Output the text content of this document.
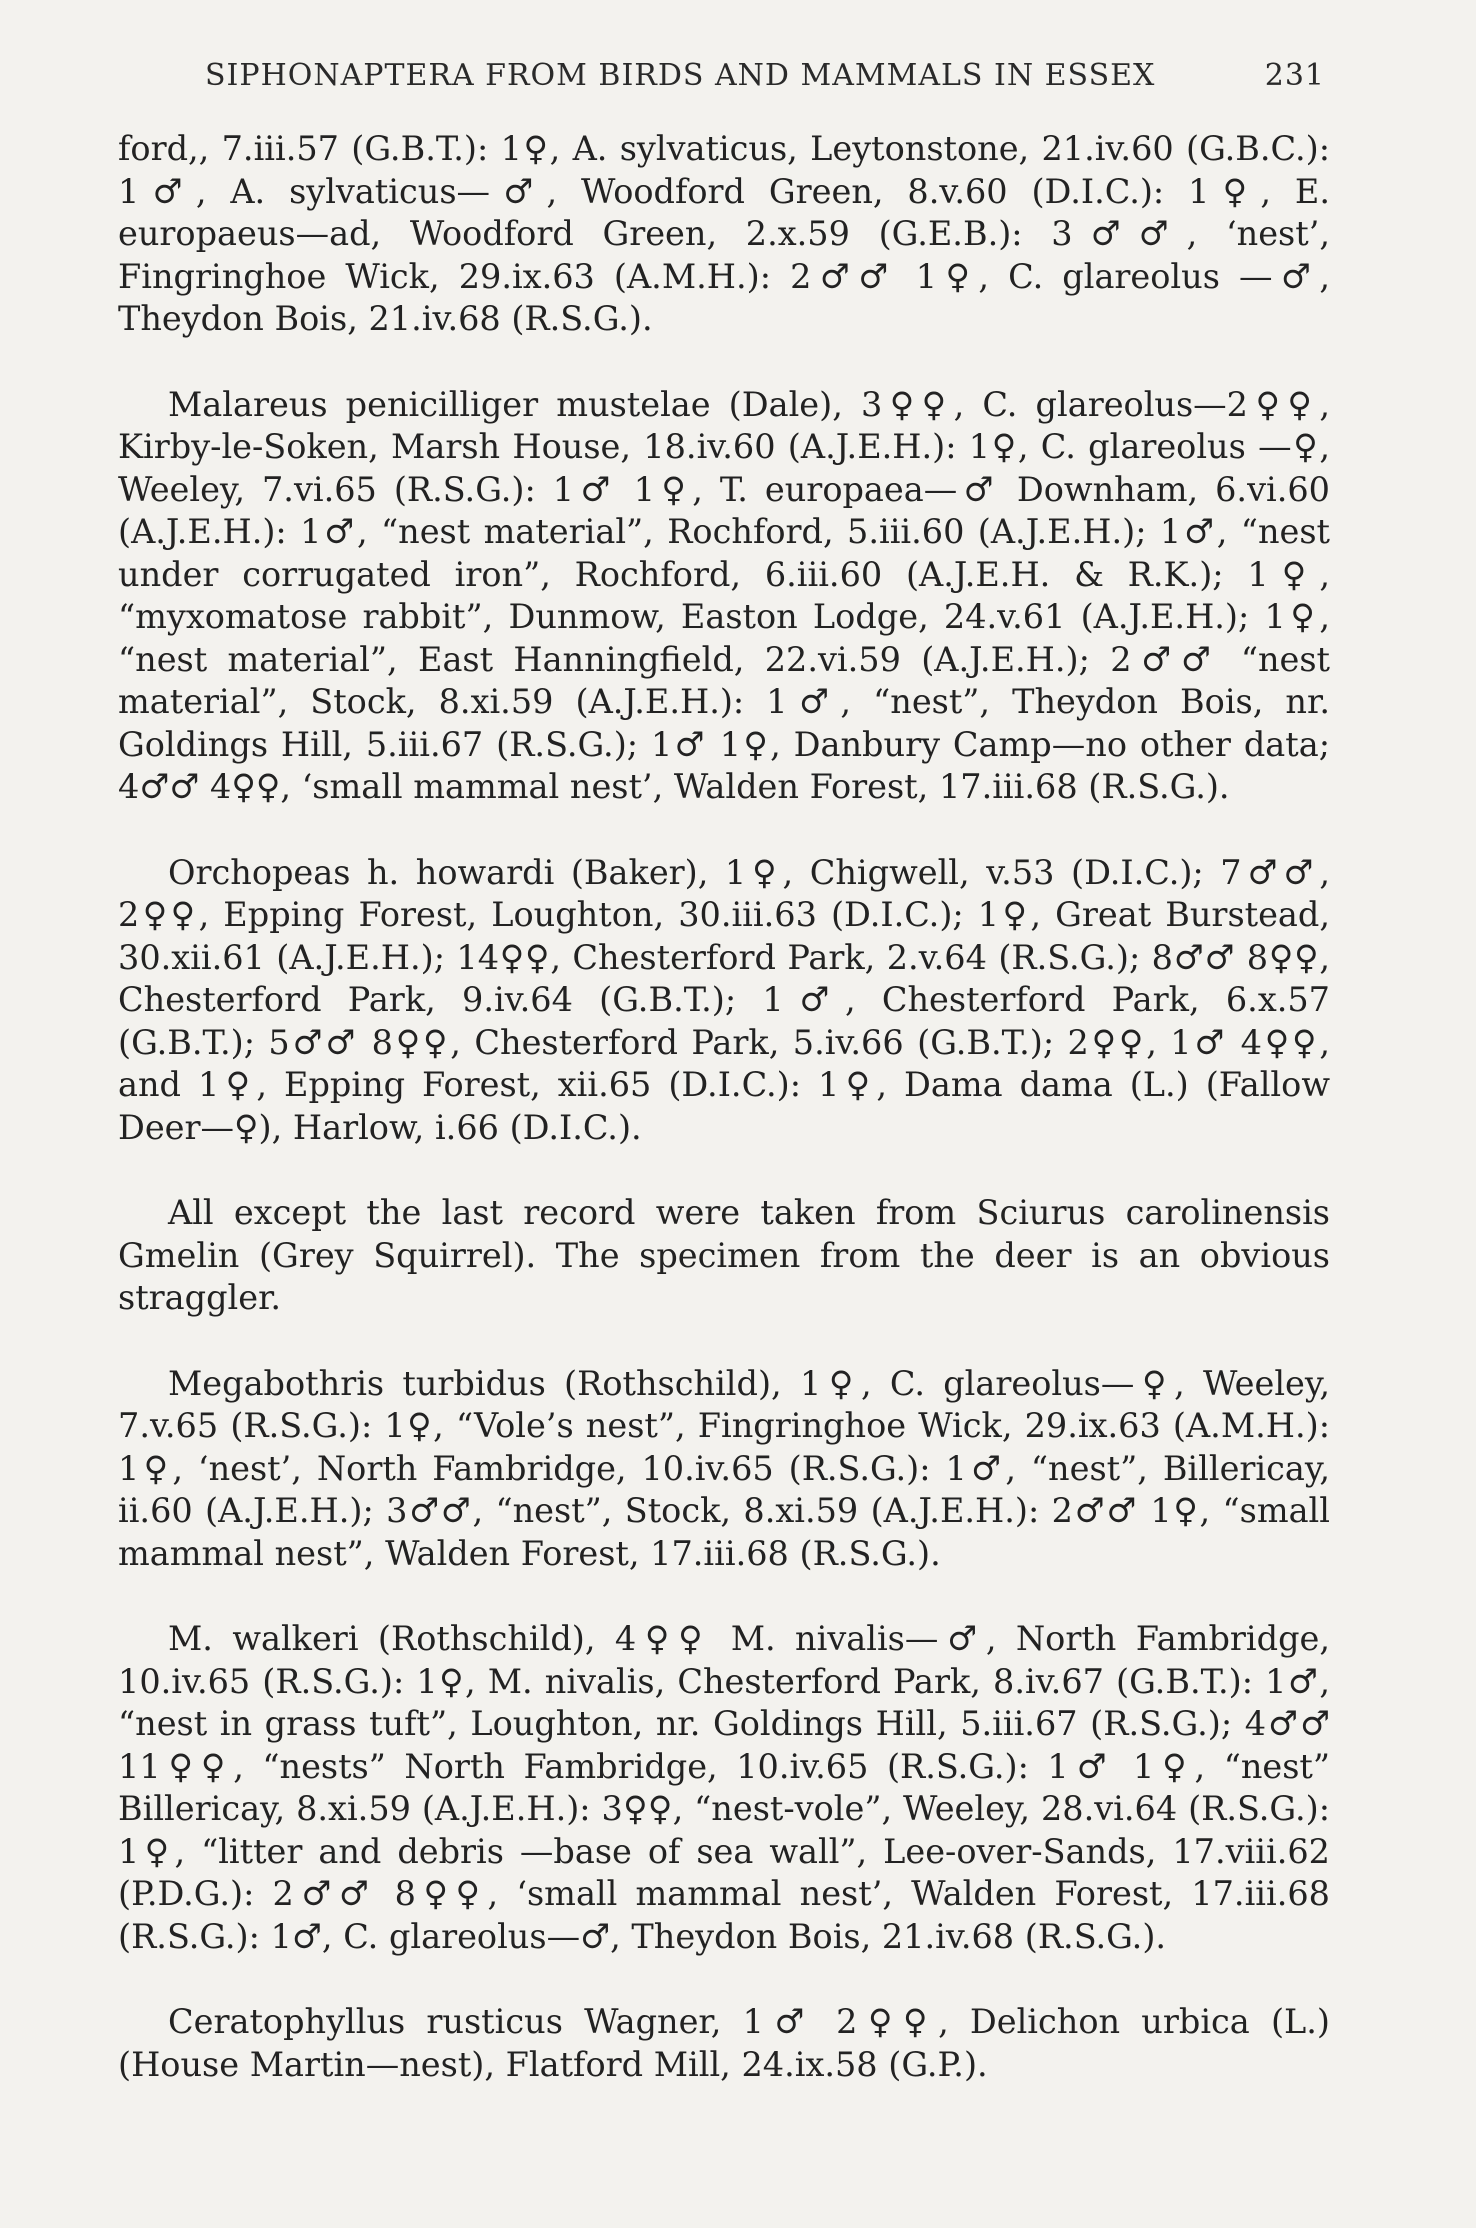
SIPHONAPTERA FROM BIRDS AND MAMMALS IN ESSEX	231

ford,, 7.iii.57 (G.B.T.): 1♀, A. sylvaticus, Leytonstone, 21.iv.60 (G.B.C.): 1♂, A. sylvaticus—♂, Woodford Green, 8.v.60 (D.I.C.): 1♀, E. europaeus—ad, Woodford Green, 2.x.59 (G.E.B.): 3♂♂, ‘nest’, Fingringhoe Wick, 29.ix.63 (A.M.H.): 2♂♂ 1♀, C. glareolus —♂, Theydon Bois, 21.iv.68 (R.S.G.).

Malareus penicilliger mustelae (Dale), 3♀♀, C. glareolus—2♀♀, Kirby-le-Soken, Marsh House, 18.iv.60 (A.J.E.H.): 1♀, C. glareolus —♀, Weeley, 7.vi.65 (R.S.G.): 1♂ 1♀, T. europaea—♂ Downham, 6.vi.60 (A.J.E.H.): 1♂, “nest material”, Rochford, 5.iii.60 (A.J.E.H.); 1♂, “nest under corrugated iron”, Rochford, 6.iii.60 (A.J.E.H. & R.K.); 1♀, “myxomatose rabbit”, Dunmow, Easton Lodge, 24.v.61 (A.J.E.H.); 1♀, “nest material”, East Hanningfield, 22.vi.59 (A.J.E.H.); 2♂♂ “nest material”, Stock, 8.xi.59 (A.J.E.H.): 1♂, “nest”, Theydon Bois, nr. Goldings Hill, 5.iii.67 (R.S.G.); 1♂ 1♀, Danbury Camp—no other data; 4♂♂ 4♀♀, ‘small mammal nest’, Walden Forest, 17.iii.68 (R.S.G.).

Orchopeas h. howardi (Baker), 1♀, Chigwell, v.53 (D.I.C.); 7♂♂, 2♀♀, Epping Forest, Loughton, 30.iii.63 (D.I.C.); 1♀, Great Burstead, 30.xii.61 (A.J.E.H.); 14♀♀, Chesterford Park, 2.v.64 (R.S.G.); 8♂♂ 8♀♀, Chesterford Park, 9.iv.64 (G.B.T.); 1♂, Chesterford Park, 6.x.57 (G.B.T.); 5♂♂ 8♀♀, Chesterford Park, 5.iv.66 (G.B.T.); 2♀♀, 1♂ 4♀♀, and 1♀, Epping Forest, xii.65 (D.I.C.): 1♀, Dama dama (L.) (Fallow Deer—♀), Harlow, i.66 (D.I.C.).

All except the last record were taken from Sciurus carolinensis Gmelin (Grey Squirrel). The specimen from the deer is an obvious straggler.

Megabothris turbidus (Rothschild), 1♀, C. glareolus—♀, Weeley, 7.v.65 (R.S.G.): 1♀, “Vole’s nest”, Fingringhoe Wick, 29.ix.63 (A.M.H.): 1♀, ‘nest’, North Fambridge, 10.iv.65 (R.S.G.): 1♂, “nest”, Billericay, ii.60 (A.J.E.H.); 3♂♂, “nest”, Stock, 8.xi.59 (A.J.E.H.): 2♂♂ 1♀, “small mammal nest”, Walden Forest, 17.iii.68 (R.S.G.).

M. walkeri (Rothschild), 4♀♀ M. nivalis—♂, North Fambridge, 10.iv.65 (R.S.G.): 1♀, M. nivalis, Chesterford Park, 8.iv.67 (G.B.T.): 1♂, “nest in grass tuft”, Loughton, nr. Goldings Hill, 5.iii.67 (R.S.G.); 4♂♂ 11♀♀, “nests” North Fambridge, 10.iv.65 (R.S.G.): 1♂ 1♀, “nest” Billericay, 8.xi.59 (A.J.E.H.): 3♀♀, “nest-vole”, Weeley, 28.vi.64 (R.S.G.): 1♀, “litter and debris —base of sea wall”, Lee-over-Sands, 17.viii.62 (P.D.G.): 2♂♂ 8♀♀, ‘small mammal nest’, Walden Forest, 17.iii.68 (R.S.G.): 1♂, C. glareolus—♂, Theydon Bois, 21.iv.68 (R.S.G.).

Ceratophyllus rusticus Wagner, 1♂ 2♀♀, Delichon urbica (L.) (House Martin—nest), Flatford Mill, 24.ix.58 (G.P.).
